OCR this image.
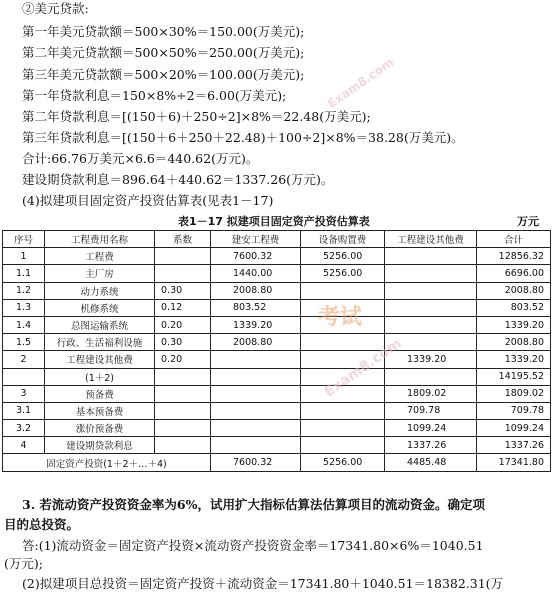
②美元贷款:
第一年美元贷款额＝500×30%＝150.00(万美元);
第二年美元贷款额＝500×50%＝250.00(万美元);
第三年美元贷款额＝500×20%＝100.00(万美元);
第一年贷款利息＝150×8%÷2＝6.00(万美元);
第二年贷款利息＝[(150＋6)＋250÷2]×8%＝22.48(万美元);
第三年贷款利息＝[(150＋6＋250＋22.48)＋100÷2]×8%＝38.28(万美元)。
合计:66.76万美元×6.6＝440.62(万元)。
建设期贷款利息＝896.64＋440.62＝1337.26(万元)。
(4)拟建项目固定资产投资估算表(见表1－17)
表1－17 拟建项目固定资产投资估算表	万元
序号	工程费用名称	系数	建安工程费	设备购置费	工程建设其他费	合计
1	工程费		7600.32	5256.00		12856.32
1.1	主厂房		1440.00	5256.00		6696.00
1.2	动力系统	0.30	2008.80			2008.80
1.3	机修系统	0.12	803.52			803.52
1.4	总图运输系统	0.20	1339.20			1339.20
1.5	行政、生活福利设施	0.30	2008.80			2008.80
2	工程建设其他费	0.20			1339.20	1339.20
	(1＋2)					14195.52
3	预备费				1809.02	1809.02
3.1	基本预备费				709.78	709.78
3.2	涨价预备费				1099.24	1099.24
4	建设期贷款利息				1337.26	1337.26
固定资产投资(1＋2＋…＋4)			7600.32	5256.00	4485.48	17341.80
3. 若流动资产投资资金率为6%，试用扩大指标估算法估算项目的流动资金。确定项
目的总投资。
答:(1)流动资金＝固定资产投资×流动资产投资资金率＝17341.80×6%＝1040.51
(万元);
(2)拟建项目总投资＝固定资产投资＋流动资金＝17341.80＋1040.51＝18382.31(万
Exam8.com
考试
Exam8.com
